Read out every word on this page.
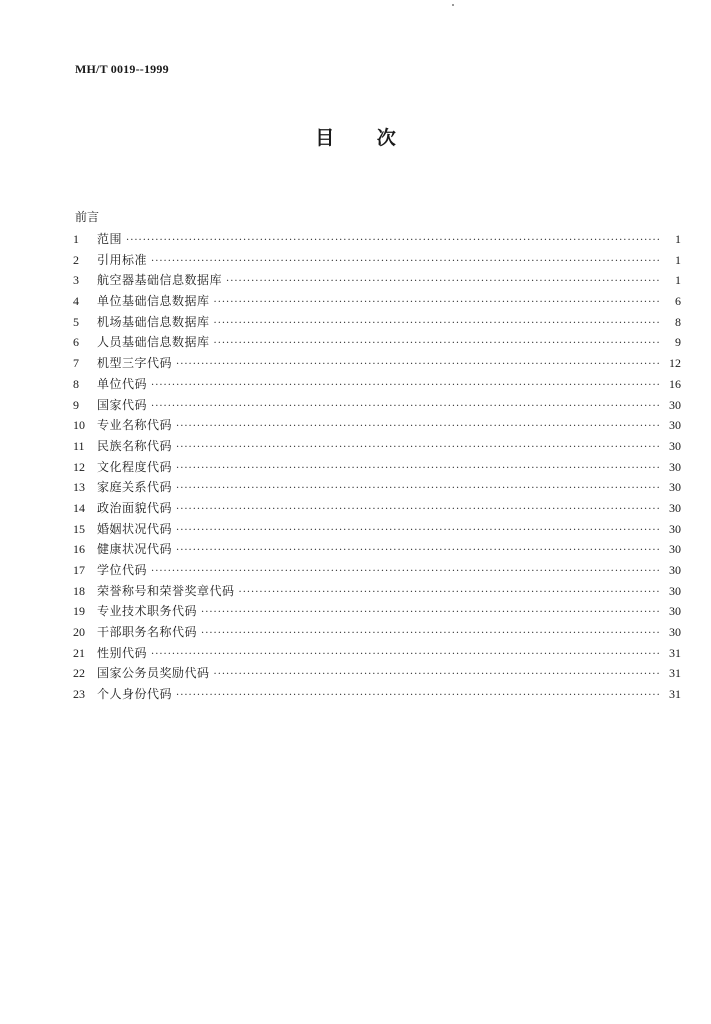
MH/T 0019--1999
目 次
前言
1	范围 ·····	1
2	引用标准 ·····	1
3	航空器基础信息数据库 ·····	1
4	单位基础信息数据库 ·····	6
5	机场基础信息数据库 ·····	8
6	人员基础信息数据库 ·····	9
7	机型三字代码 ·····	12
8	单位代码 ·····	16
9	国家代码 ·····	30
10	专业名称代码 ·····	30
11	民族名称代码 ·····	30
12	文化程度代码 ·····	30
13	家庭关系代码 ·····	30
14	政治面貌代码 ·····	30
15	婚姻状况代码 ·····	30
16	健康状况代码 ·····	30
17	学位代码 ·····	30
18	荣誉称号和荣誉奖章代码 ·····	30
19	专业技术职务代码 ·····	30
20	干部职务名称代码 ·····	30
21	性别代码 ·····	31
22	国家公务员奖励代码 ·····	31
23	个人身份代码 ·····	31
